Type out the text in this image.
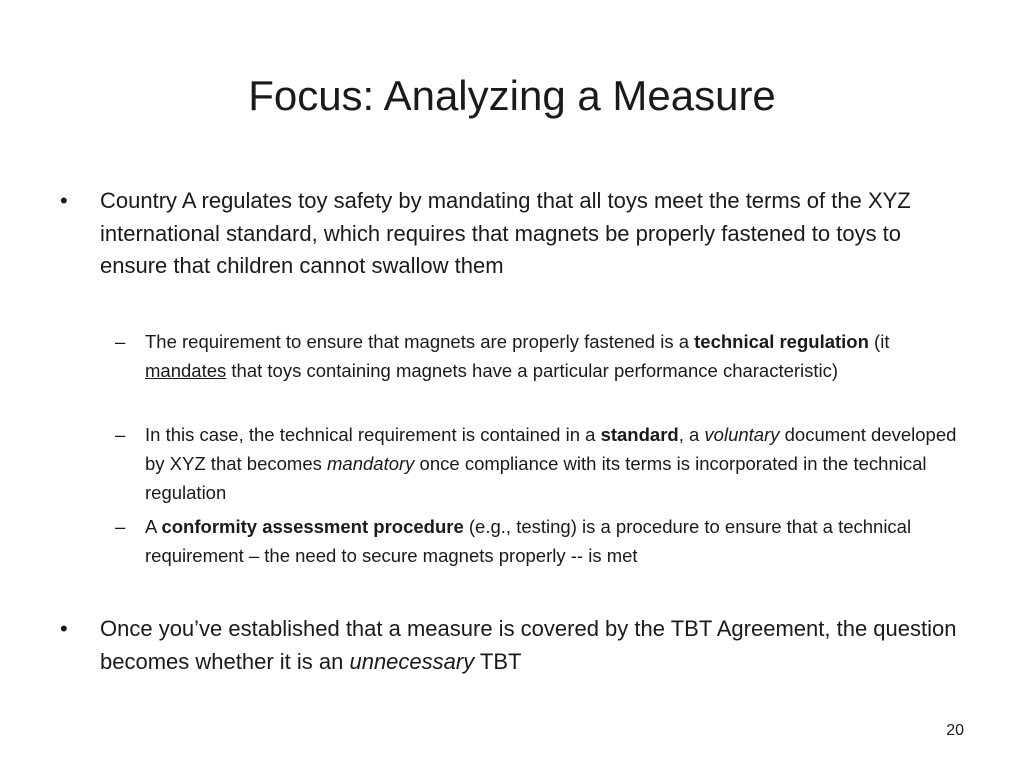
Focus: Analyzing a Measure
• Country A regulates toy safety by mandating that all toys meet the terms of the XYZ international standard, which requires that magnets be properly fastened to toys to ensure that children cannot swallow them
– The requirement to ensure that magnets are properly fastened is a technical regulation (it mandates that toys containing magnets have a particular performance characteristic)
– In this case, the technical requirement is contained in a standard, a voluntary document developed by XYZ that becomes mandatory once compliance with its terms is incorporated in the technical regulation
– A conformity assessment procedure (e.g., testing) is a procedure to ensure that a technical requirement – the need to secure magnets properly -- is met
• Once you’ve established that a measure is covered by the TBT Agreement, the question becomes whether it is an unnecessary TBT
20
